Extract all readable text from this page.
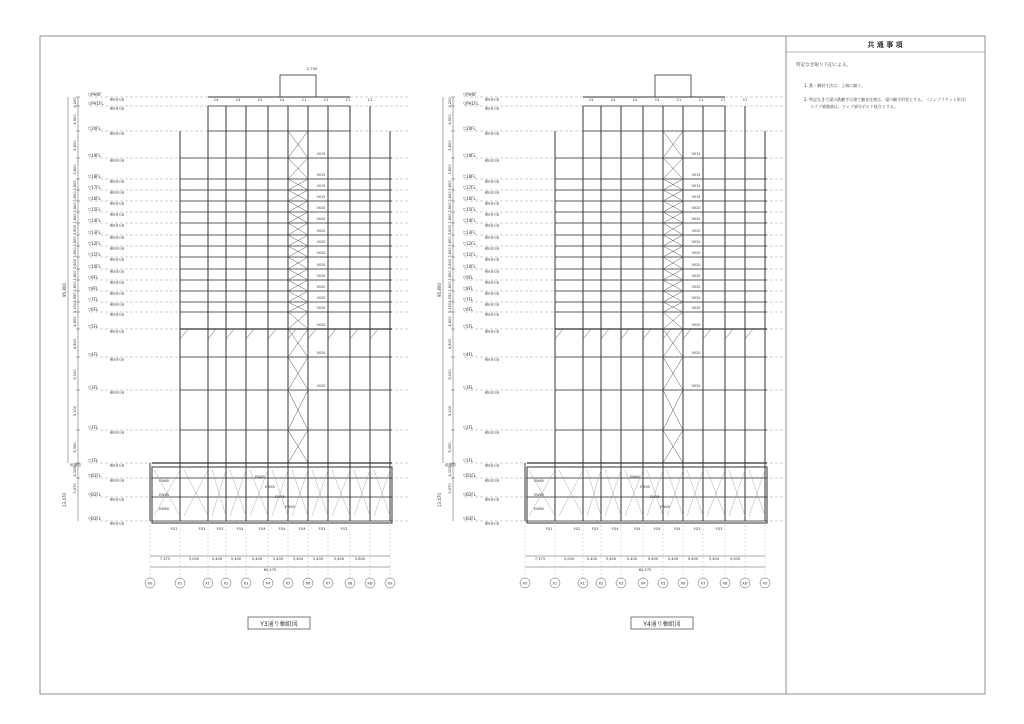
共 通 事 項
特記なき限り下記による。
1. 鉄・鋼材寸法は、上端に揃う。
2. 特記なき大梁の鉄継手は建て継ぎ仕様は、梁の継手形状とする。（ノンブラケット形式）
スラブ補強筋は、ウェブ部分ボルト接合とする。
▽PHRF
構造体天端
▽PH1FL
構造体天端
▽20FL
構造体天端
▽19FL
構造体天端
▽18FL
構造体天端
▽17FL
構造体天端
▽16FL
構造体天端
▽15FL
構造体天端
▽14FL
構造体天端
▽13FL
構造体天端
▽12FL
構造体天端
▽11FL
構造体天端
▽10FL
構造体天端
▽9FL
構造体天端
▽8FL
構造体天端
▽7FL
構造体天端
▽6FL
構造体天端
▽5FL
構造体天端
▽4FL
構造体天端
▽3FL
構造体天端
▽2FL
構造体天端
▽1FL
構造体天端
▽B1FL
構造体天端
▽B2FL
構造体天端
▽B3FL
構造体天端
4,200
4,500
5,800
3,800
3,800
3,800
3,800
3,800
3,800
3,800
3,800
3,800
3,800
3,800
4,950
5,150
4,800
4,800
5,100
5,100
5,350
4,325
3,970
95,800
13,470
地盤面
2,700
V015
V015
V015
V015
V020
V020
V020
V020
V020
V020
V020
V020
V020
V020
V020
V020
V020
C4	C4	C4	C4	C1	C1	C1	C1
EW60
EW60
EW60
EW45
EW45
EW45
EW45
FG1	FG3	FG3	FG4	FG4	FG4	FG4	FG3	FG3
7,375	5,000	5,400 5,400	5,400	5,400	5,400	5,400	5,400	5,800
60,575
X0	X1	X1'	X2	X3	X4	X5	X6	X7	X8	X8'	X9
▽PHRF
構造体天端
▽PH1FL
構造体天端
▽20FL
構造体天端
▽19FL
構造体天端
▽18FL
構造体天端
▽17FL
構造体天端
▽16FL
構造体天端
▽15FL
構造体天端
▽14FL
構造体天端
▽13FL
構造体天端
▽12FL
構造体天端
▽11FL
構造体天端
▽10FL
構造体天端
▽9FL
構造体天端
▽8FL
構造体天端
▽7FL
構造体天端
▽6FL
構造体天端
▽5FL
構造体天端
▽4FL
構造体天端
▽3FL
構造体天端
▽2FL
構造体天端
▽1FL
構造体天端
▽B1FL
構造体天端
▽B2FL
構造体天端
▽B3FL
構造体天端
4,200
4,500
5,800
3,800
3,800
3,800
3,800
3,800
3,800
3,800
3,800
3,800
3,800
3,800
4,950
5,150
4,800
4,800
5,100
5,100
5,350
4,325
3,970
95,800
13,470
地盤面
V015
V015
V015
V015
V020
V020
V020
V020
V020
V020
V020
V020
V020
V020
V020
V020
V020
C4	C4	C4	C4	C1	C1	C1	C1
EW60
EW60
EW60
EW45
EW45
EW45
EW45
FG1	FG2	FG3	FG4	FG4	FG4	FG4	FG3	FG3
7,375	5,000	5,400 5,400	5,400	5,400	5,400	5,400	5,400	5,000
60,575
X0	X1	X1'	X2	X3	X4	X5	X6	X7	X8	X8'	X9
Y3通り軸組図	Y4通り軸組図
